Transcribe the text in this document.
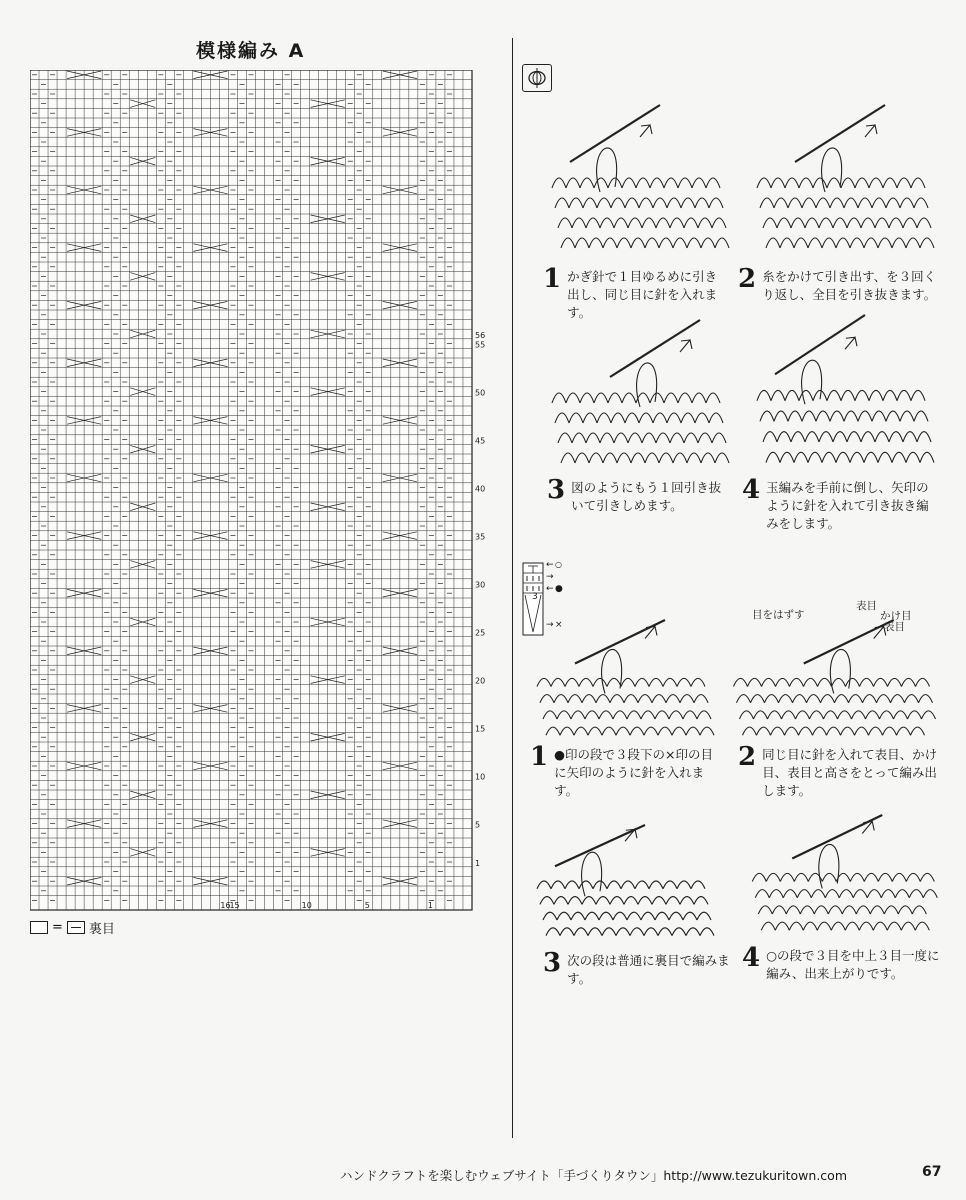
模様編み A
56
55
50
45
40
35
30
25
20
15
10
5
1
16
15	10	5	1
= 裏目
1 かぎ針で１目ゆるめに引き出し、同じ目に針を入れます。
2 糸をかけて引き出す、を３回くり返し、全目を引き抜きます。
3 図のようにもう１回引き抜いて引きしめます。
4 玉編みを手前に倒し、矢印のように針を入れて引き抜き編みをします。
3
← ○
→
← ●
→ ×
目をはずす
表目
かけ目
表目
1 ●印の段で３段下の×印の目に矢印のように針を入れます。
2 同じ目に針を入れて表目、かけ目、表目と高さをとって編み出します。
3 次の段は普通に裏目で編みます。
4 ○の段で３目を中上３目一度に編み、出来上がりです。
ハンドクラフトを楽しむウェブサイト「手づくりタウン」http://www.tezukuritown.com	67
